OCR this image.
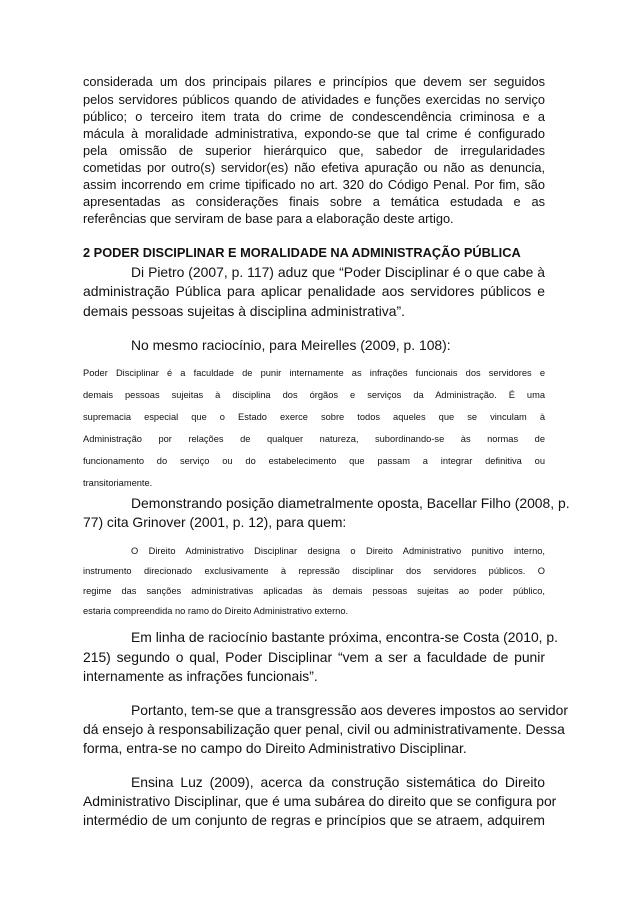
considerada um dos principais pilares e princípios que devem ser seguidos
pelos servidores públicos quando de atividades e funções exercidas no serviço
público; o terceiro item trata do crime de condescendência criminosa e a
mácula à moralidade administrativa, expondo-se que tal crime é configurado
pela omissão de superior hierárquico que, sabedor de irregularidades
cometidas por outro(s) servidor(es) não efetiva apuração ou não as denuncia,
assim incorrendo em crime tipificado no art. 320 do Código Penal. Por fim, são
apresentadas as considerações finais sobre a temática estudada e as
referências que serviram de base para a elaboração deste artigo.
2 PODER DISCIPLINAR E MORALIDADE NA ADMINISTRAÇÃO PÚBLICA
Di Pietro (2007, p. 117) aduz que “Poder Disciplinar é o que cabe à
administração Pública para aplicar penalidade aos servidores públicos e
demais pessoas sujeitas à disciplina administrativa”.
No mesmo raciocínio, para Meirelles (2009, p. 108):
Poder Disciplinar é a faculdade de punir internamente as infrações funcionais dos servidores e
demais pessoas sujeitas à disciplina dos órgãos e serviços da Administração. É uma
supremacia especial que o Estado exerce sobre todos aqueles que se vinculam à
Administração por relações de qualquer natureza, subordinando-se às normas de
funcionamento do serviço ou do estabelecimento que passam a integrar definitiva ou
transitoriamente.
Demonstrando posição diametralmente oposta, Bacellar Filho (2008, p.
77) cita Grinover (2001, p. 12), para quem:
O Direito Administrativo Disciplinar designa o Direito Administrativo punitivo interno,
instrumento direcionado exclusivamente à repressão disciplinar dos servidores públicos. O
regime das sanções administrativas aplicadas às demais pessoas sujeitas ao poder público,
estaria compreendida no ramo do Direito Administrativo externo.
Em linha de raciocínio bastante próxima, encontra-se Costa (2010, p.
215) segundo o qual, Poder Disciplinar “vem a ser a faculdade de punir
internamente as infrações funcionais”.
Portanto, tem-se que a transgressão aos deveres impostos ao servidor
dá ensejo à responsabilização quer penal, civil ou administrativamente. Dessa
forma, entra-se no campo do Direito Administrativo Disciplinar.
Ensina Luz (2009), acerca da construção sistemática do Direito
Administrativo Disciplinar, que é uma subárea do direito que se configura por
intermédio de um conjunto de regras e princípios que se atraem, adquirem
